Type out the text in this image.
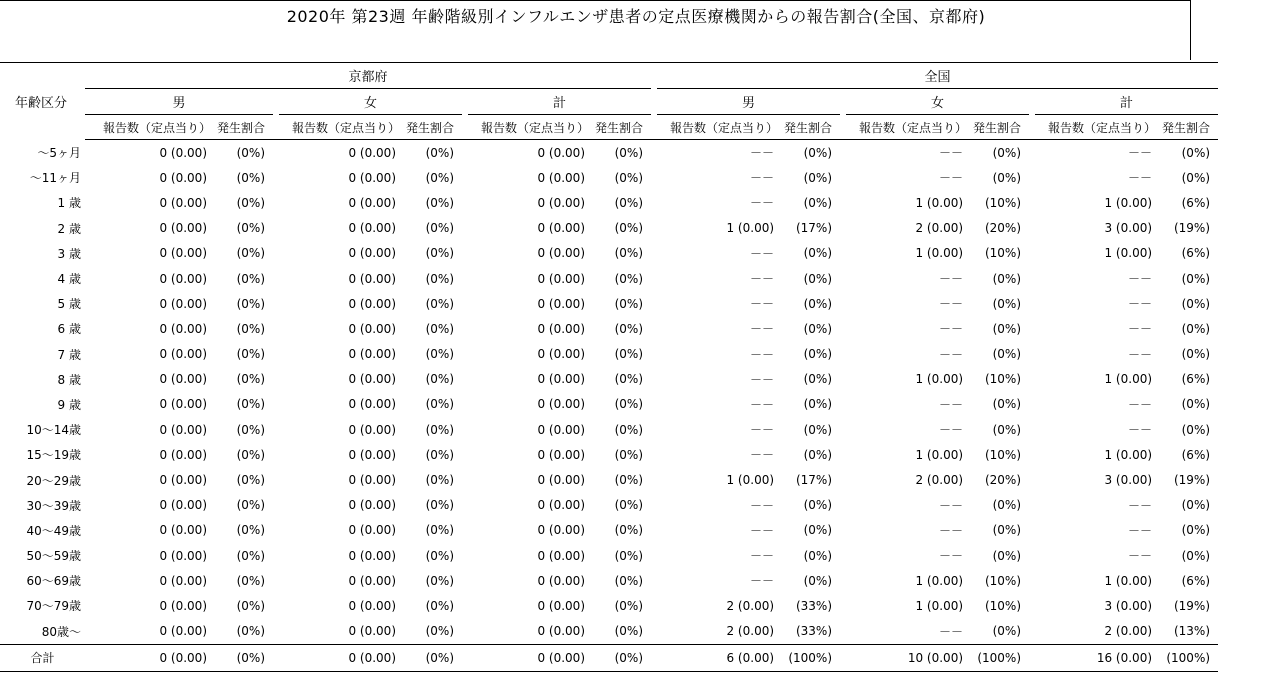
2020年 第23週 年齢階級別インフルエンザ患者の定点医療機関からの報告割合(全国、京都府)
年齢区分	京都府									全国							
	男			女			計			男			女			計	
	報告数（定点当り）	発生割合		報告数（定点当り）	発生割合		報告数（定点当り）	発生割合		報告数（定点当り）	発生割合		報告数（定点当り）	発生割合		報告数（定点当り）	発生割合
～5ヶ月	0 (0.00)	(0%)		0 (0.00)	(0%)		0 (0.00)	(0%)		－－	(0%)		－－	(0%)		－－	(0%)
～11ヶ月	0 (0.00)	(0%)		0 (0.00)	(0%)		0 (0.00)	(0%)		－－	(0%)		－－	(0%)		－－	(0%)
1 歳	0 (0.00)	(0%)		0 (0.00)	(0%)		0 (0.00)	(0%)		－－	(0%)		1 (0.00)	(10%)		1 (0.00)	(6%)
2 歳	0 (0.00)	(0%)		0 (0.00)	(0%)		0 (0.00)	(0%)		1 (0.00)	(17%)		2 (0.00)	(20%)		3 (0.00)	(19%)
3 歳	0 (0.00)	(0%)		0 (0.00)	(0%)		0 (0.00)	(0%)		－－	(0%)		1 (0.00)	(10%)		1 (0.00)	(6%)
4 歳	0 (0.00)	(0%)		0 (0.00)	(0%)		0 (0.00)	(0%)		－－	(0%)		－－	(0%)		－－	(0%)
5 歳	0 (0.00)	(0%)		0 (0.00)	(0%)		0 (0.00)	(0%)		－－	(0%)		－－	(0%)		－－	(0%)
6 歳	0 (0.00)	(0%)		0 (0.00)	(0%)		0 (0.00)	(0%)		－－	(0%)		－－	(0%)		－－	(0%)
7 歳	0 (0.00)	(0%)		0 (0.00)	(0%)		0 (0.00)	(0%)		－－	(0%)		－－	(0%)		－－	(0%)
8 歳	0 (0.00)	(0%)		0 (0.00)	(0%)		0 (0.00)	(0%)		－－	(0%)		1 (0.00)	(10%)		1 (0.00)	(6%)
9 歳	0 (0.00)	(0%)		0 (0.00)	(0%)		0 (0.00)	(0%)		－－	(0%)		－－	(0%)		－－	(0%)
10～14歳	0 (0.00)	(0%)		0 (0.00)	(0%)		0 (0.00)	(0%)		－－	(0%)		－－	(0%)		－－	(0%)
15～19歳	0 (0.00)	(0%)		0 (0.00)	(0%)		0 (0.00)	(0%)		－－	(0%)		1 (0.00)	(10%)		1 (0.00)	(6%)
20～29歳	0 (0.00)	(0%)		0 (0.00)	(0%)		0 (0.00)	(0%)		1 (0.00)	(17%)		2 (0.00)	(20%)		3 (0.00)	(19%)
30～39歳	0 (0.00)	(0%)		0 (0.00)	(0%)		0 (0.00)	(0%)		－－	(0%)		－－	(0%)		－－	(0%)
40～49歳	0 (0.00)	(0%)		0 (0.00)	(0%)		0 (0.00)	(0%)		－－	(0%)		－－	(0%)		－－	(0%)
50～59歳	0 (0.00)	(0%)		0 (0.00)	(0%)		0 (0.00)	(0%)		－－	(0%)		－－	(0%)		－－	(0%)
60～69歳	0 (0.00)	(0%)		0 (0.00)	(0%)		0 (0.00)	(0%)		－－	(0%)		1 (0.00)	(10%)		1 (0.00)	(6%)
70～79歳	0 (0.00)	(0%)		0 (0.00)	(0%)		0 (0.00)	(0%)		2 (0.00)	(33%)		1 (0.00)	(10%)		3 (0.00)	(19%)
80歳～	0 (0.00)	(0%)		0 (0.00)	(0%)		0 (0.00)	(0%)		2 (0.00)	(33%)		－－	(0%)		2 (0.00)	(13%)
合計	0 (0.00)	(0%)		0 (0.00)	(0%)		0 (0.00)	(0%)		6 (0.00)	(100%)		10 (0.00)	(100%)		16 (0.00)	(100%)
